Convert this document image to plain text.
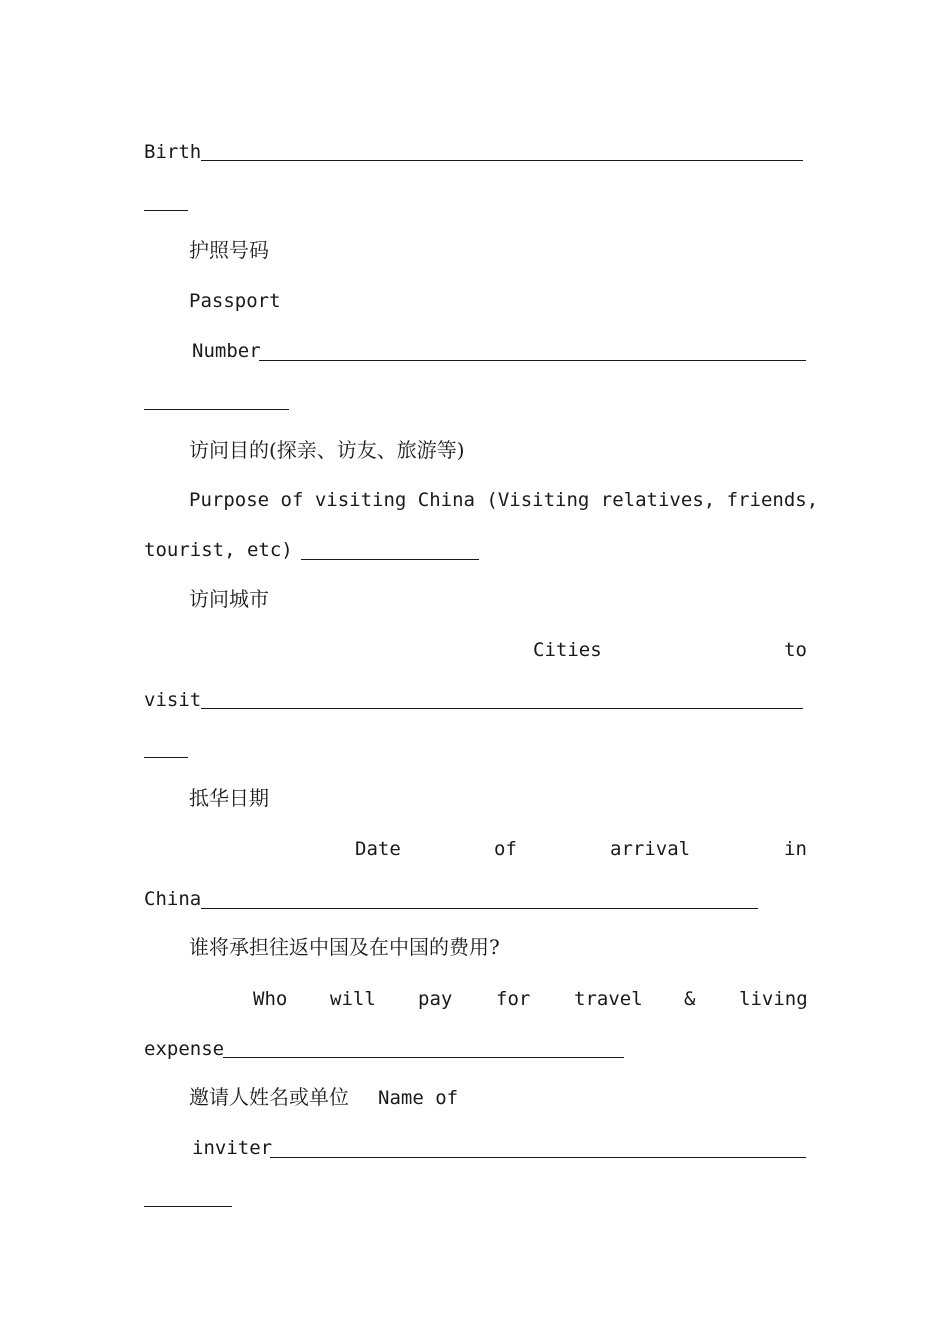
Birth
护照号码
Passport
Number
访问目的(探亲、访友、旅游等)
Purpose of visiting China (Visiting relatives, friends,
tourist, etc)
访问城市
Cities	to
visit
抵华日期
Date	of	arrival	in
China
谁将承担往返中国及在中国的费用?
Who will pay for travel & living
expense
邀请人姓名或单位 Name of
inviter
